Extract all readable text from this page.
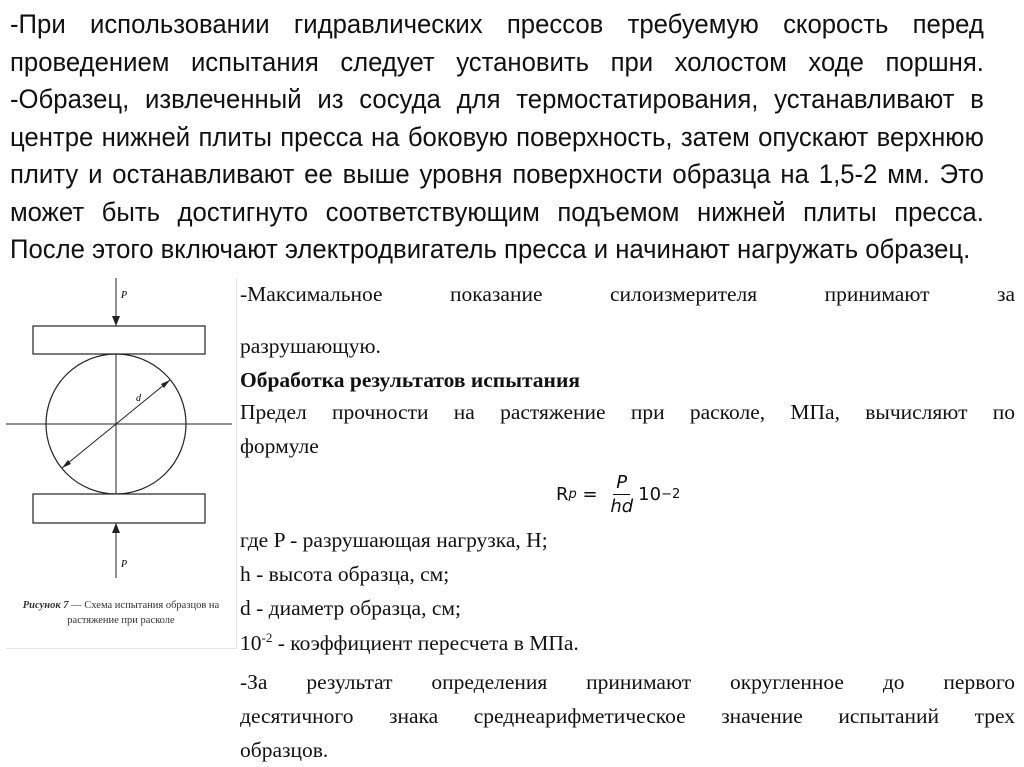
-При использовании гидравлических прессов требуемую скорость перед проведением испытания следует установить при холостом ходе поршня.

-Образец, извлеченный из сосуда для термостатирования, устанавливают в центре нижней плиты пресса на боковую поверхность, затем опускают верхнюю плиту и останавливают ее выше уровня поверхности образца на 1,5-2 мм. Это может быть достигнуто соответствующим подъемом нижней плиты пресса. После этого включают электродвигатель пресса и начинают нагружать образец.

P
d
P
Рисунок 7 — Схема испытания образцов на растяжение при расколе
-Максимальное показание силоизмерителя принимают за
разрушающую.
Обработка результатов испытания
Предел прочности на растяжение при расколе, МПа, вычисляют по
формуле
R $p = \frac{P}{hd} 10 -2$
где P - разрушающая нагрузка, Н;
h - высота образца, см;
d - диаметр образца, см;
$10^{-2}$ - коэффициент пересчета в МПа.
-За результат определения принимают округленное до первого
десятичного знака среднеарифметическое значение испытаний трех
образцов.
